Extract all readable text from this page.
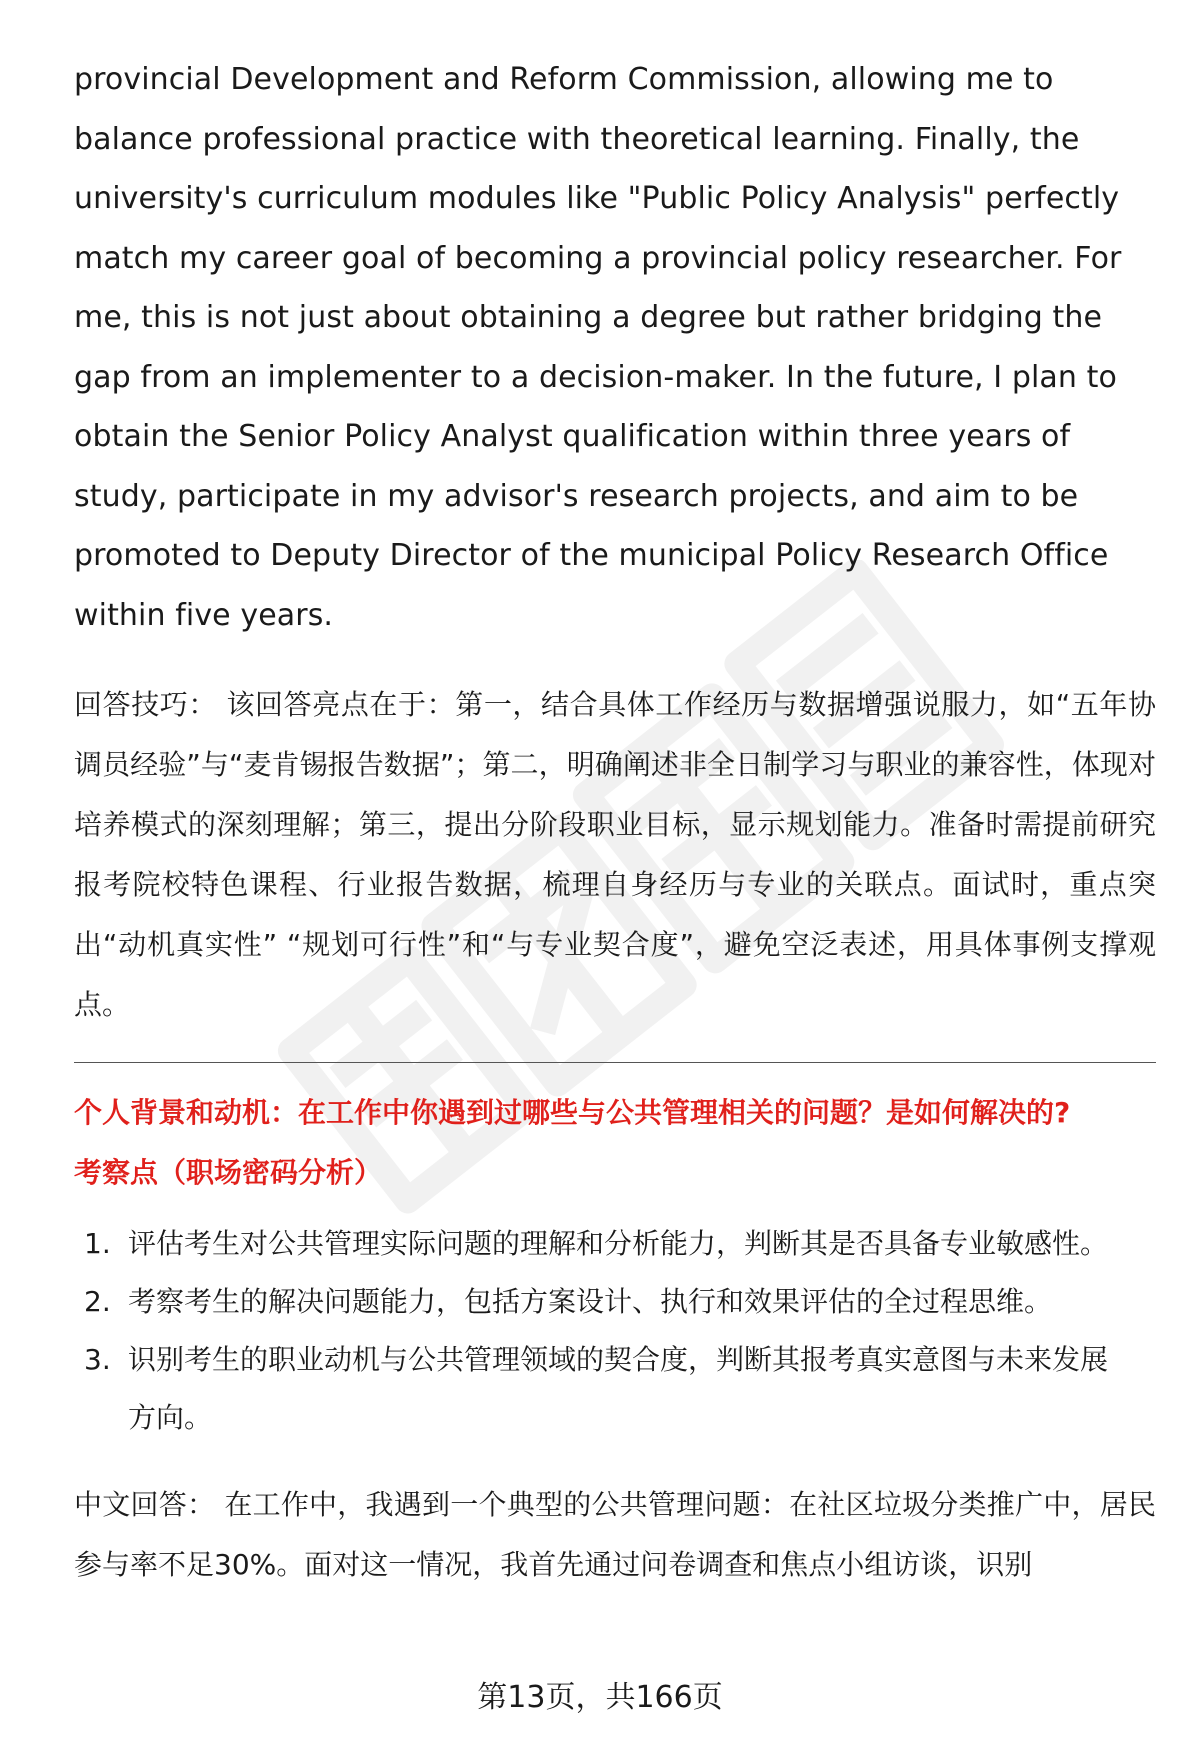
provincial Development and Reform Commission, allowing me to balance professional practice with theoretical learning. Finally, the university's curriculum modules like "Public Policy Analysis" perfectly match my career goal of becoming a provincial policy researcher. For me, this is not just about obtaining a degree but rather bridging the gap from an implementer to a decision-maker. In the future, I plan to obtain the Senior Policy Analyst qualification within three years of study, participate in my advisor's research projects, and aim to be promoted to Deputy Director of the municipal Policy Research Office within five years.

回答技巧： 该回答亮点在于：第一，结合具体工作经历与数据增强说服力，如“五年协调员经验”与“麦肯锡报告数据”；第二，明确阐述非全日制学习与职业的兼容性，体现对培养模式的深刻理解；第三，提出分阶段职业目标，显示规划能力。准备时需提前研究报考院校特色课程、行业报告数据，梳理自身经历与专业的关联点。面试时，重点突出“动机真实性” “规划可行性”和“与专业契合度”，避免空泛表述，用具体事例支撑观点。

个人背景和动机：在工作中你遇到过哪些与公共管理相关的问题？是如何解决的?

考察点（职场密码分析）

1. 评估考生对公共管理实际问题的理解和分析能力，判断其是否具备专业敏感性。
2. 考察考生的解决问题能力，包括方案设计、执行和效果评估的全过程思维。
3. 识别考生的职业动机与公共管理领域的契合度，判断其报考真实意图与未来发展方向。

中文回答： 在工作中，我遇到一个典型的公共管理问题：在社区垃圾分类推广中，居民参与率不足30%。面对这一情况，我首先通过问卷调查和焦点小组访谈，识别

第13页，共166页
